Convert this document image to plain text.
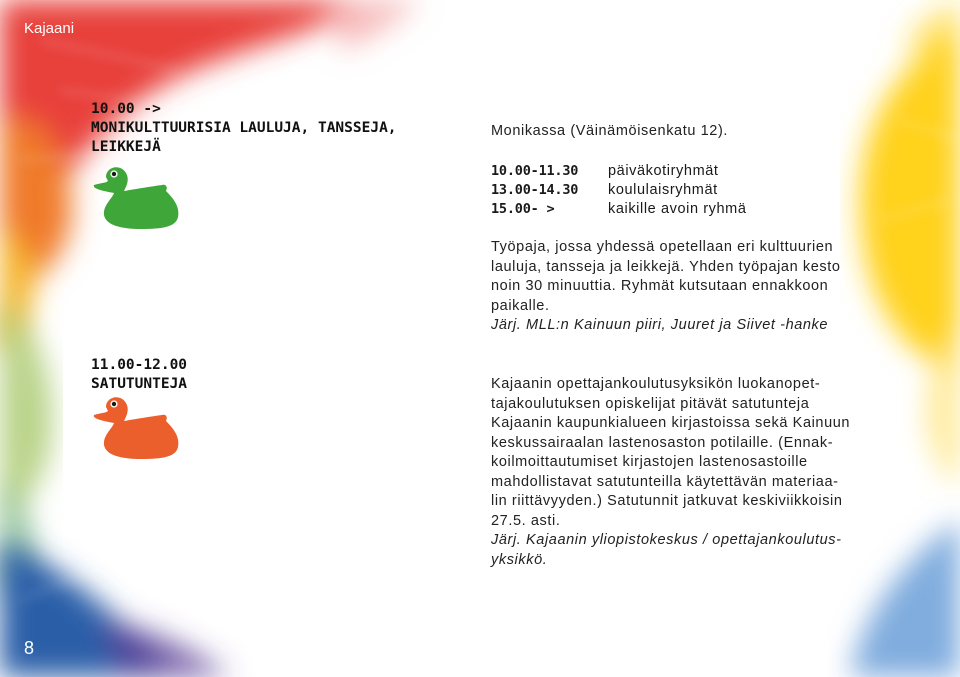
Kajaani
10.00 ->
MONIKULTTUURISIA LAULUJA, TANSSEJA,
LEIKKEJÄ

Monikassa (Väinämöisenkatu 12).

10.00-11.30	päiväkotiryhmät
13.00-14.30	koululaisryhmät
15.00- >	kaikille avoin ryhmä

Työpaja, jossa yhdessä opetellaan eri kulttuurien

lauluja, tansseja ja leikkejä. Yhden työpajan kesto

noin 30 minuuttia. Ryhmät kutsutaan ennakkoon

paikalle.

Järj. MLL:n Kainuun piiri, Juuret ja Siivet -hanke

11.00-12.00
SATUTUNTEJA	Kajaanin opettajankoulutusyksikön luokanopet-

tajakoulutuksen opiskelijat pitävät satutunteja

Kajaanin kaupunkialueen kirjastoissa sekä Kainuun

keskussairaalan lastenosaston potilaille. (Ennak-

koilmoittautumiset kirjastojen lastenosastoille

mahdollistavat satutunteilla käytettävän materiaa-

lin riittävyyden.) Satutunnit jatkuvat keskiviikkoisin

27.5. asti.

Järj. Kajaanin yliopistokeskus / opettajankoulutus-

yksikkö.

8
